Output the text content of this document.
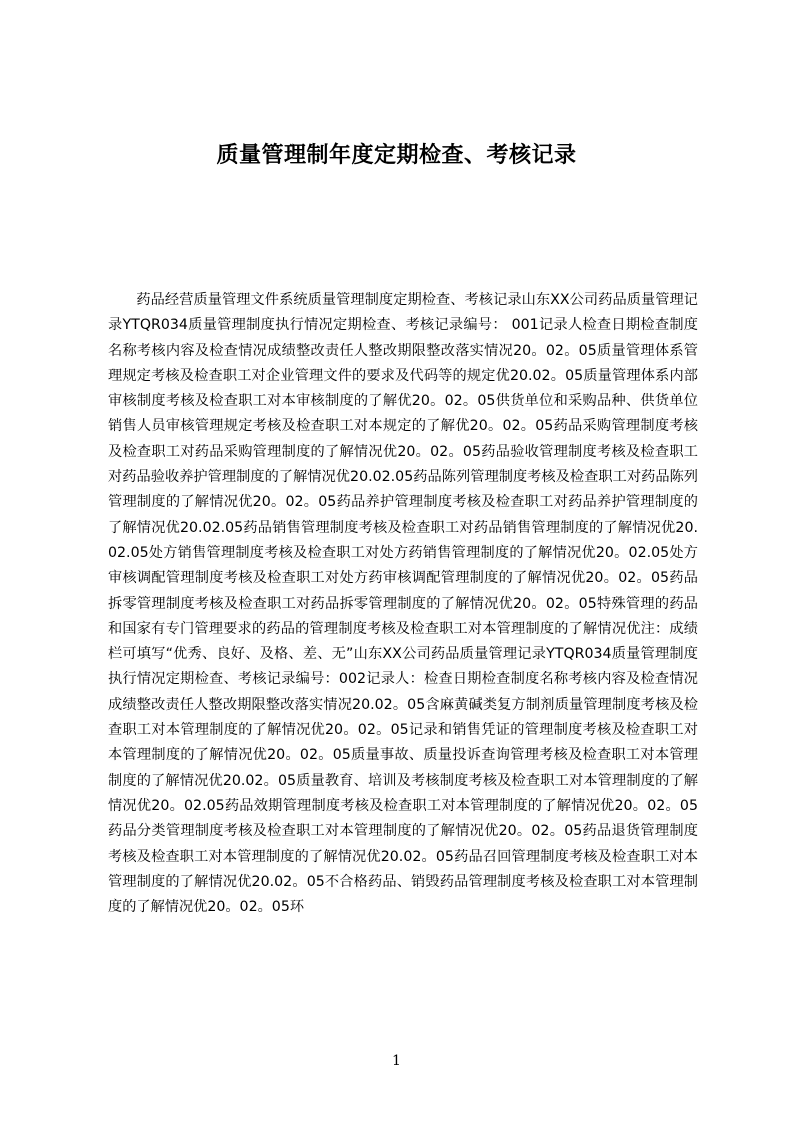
质量管理制年度定期检查、考核记录

药品经营质量管理文件系统质量管理制度定期检查、考核记录山东XX公司药品质量管理记录YTQR034质量管理制度执行情况定期检查、考核记录编号： 001记录人检查日期检查制度名称考核内容及检查情况成绩整改责任人整改期限整改落实情况20。02。05质量管理体系管理规定考核及检查职工对企业管理文件的要求及代码等的规定优20.02。05质量管理体系内部审核制度考核及检查职工对本审核制度的了解优20。02。05供货单位和采购品种、供货单位销售人员审核管理规定考核及检查职工对本规定的了解优20。02。05药品采购管理制度考核及检查职工对药品采购管理制度的了解情况优20。02。05药品验收管理制度考核及检查职工对药品验收养护管理制度的了解情况优20.02.05药品陈列管理制度考核及检查职工对药品陈列管理制度的了解情况优20。02。05药品养护管理制度考核及检查职工对药品养护管理制度的了解情况优20.02.05药品销售管理制度考核及检查职工对药品销售管理制度的了解情况优20.02.05处方销售管理制度考核及检查职工对处方药销售管理制度的了解情况优20。02.05处方审核调配管理制度考核及检查职工对处方药审核调配管理制度的了解情况优20。02。05药品拆零管理制度考核及检查职工对药品拆零管理制度的了解情况优20。02。05特殊管理的药品和国家有专门管理要求的药品的管理制度考核及检查职工对本管理制度的了解情况优注：成绩栏可填写“优秀、良好、及格、差、无”山东XX公司药品质量管理记录YTQR034质量管理制度执行情况定期检查、考核记录编号：002记录人：检查日期检查制度名称考核内容及检查情况成绩整改责任人整改期限整改落实情况20.02。05含麻黄碱类复方制剂质量管理制度考核及检查职工对本管理制度的了解情况优20。02。05记录和销售凭证的管理制度考核及检查职工对本管理制度的了解情况优20。02。05质量事故、质量投诉查询管理考核及检查职工对本管理制度的了解情况优20.02。05质量教育、培训及考核制度考核及检查职工对本管理制度的了解情况优20。02.05药品效期管理制度考核及检查职工对本管理制度的了解情况优20。02。05药品分类管理制度考核及检查职工对本管理制度的了解情况优20。02。05药品退货管理制度考核及检查职工对本管理制度的了解情况优20.02。05药品召回管理制度考核及检查职工对本管理制度的了解情况优20.02。05不合格药品、销毁药品管理制度考核及检查职工对本管理制度的了解情况优20。02。05环

1
